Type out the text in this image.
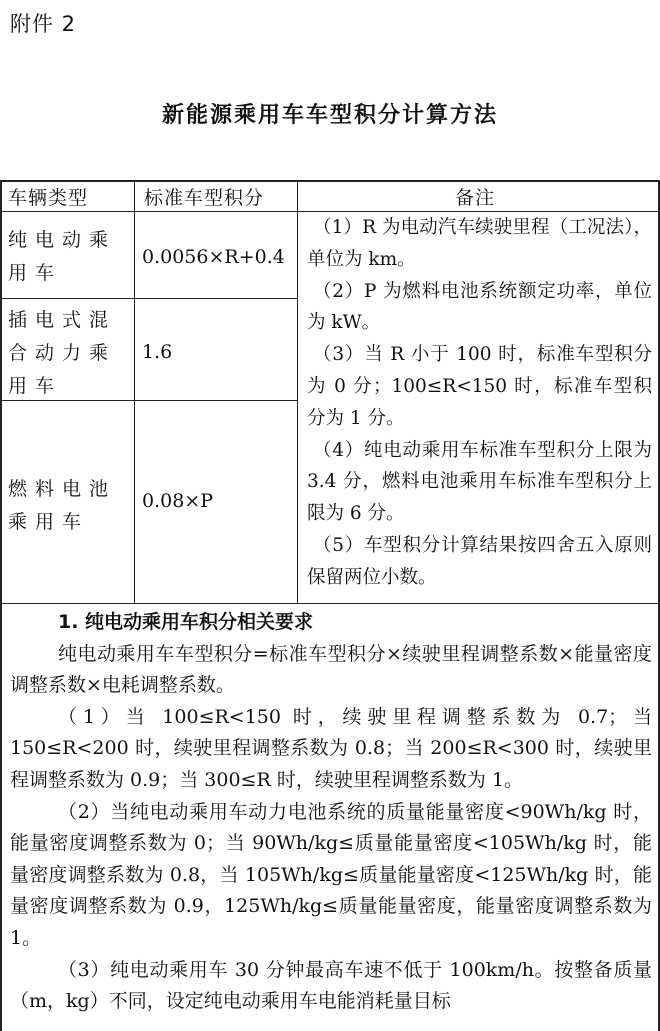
附件 2
新能源乘用车车型积分计算方法
车辆类型	标准车型积分	备注
纯电动乘用车
0.0056×R+0.4
插电式混合动力乘用车
1.6
燃料电池乘用车
0.08×P

（1）R 为电动汽车续驶里程（工况法），单位为 km。

（2）P 为燃料电池系统额定功率，单位为 kW。

（3）当 R 小于 100 时，标准车型积分为 0 分；100≤R<150 时，标准车型积分为 1 分。

（4）纯电动乘用车标准车型积分上限为 3.4 分，燃料电池乘用车标准车型积分上限为 6 分。

（5）车型积分计算结果按四舍五入原则保留两位小数。

1. 纯电动乘用车积分相关要求

纯电动乘用车车型积分=标准车型积分×续驶里程调整系数×能量密度调整系数×电耗调整系数。

（1）当 100≤R<150 时，续驶里程调整系数为 0.7；当 150≤R<200 时，续驶里程调整系数为 0.8；当 200≤R<300 时，续驶里程调整系数为 0.9；当 300≤R 时，续驶里程调整系数为 1。

（2）当纯电动乘用车动力电池系统的质量能量密度<90Wh/kg 时，能量密度调整系数为 0；当 90Wh/kg≤质量能量密度<105Wh/kg 时，能量密度调整系数为 0.8，当 105Wh/kg≤质量能量密度<125Wh/kg 时，能量密度调整系数为 0.9，125Wh/kg≤质量能量密度，能量密度调整系数为 1。

（3）纯电动乘用车 30 分钟最高车速不低于 100km/h。按整备质量（m，kg）不同，设定纯电动乘用车电能消耗量目标
